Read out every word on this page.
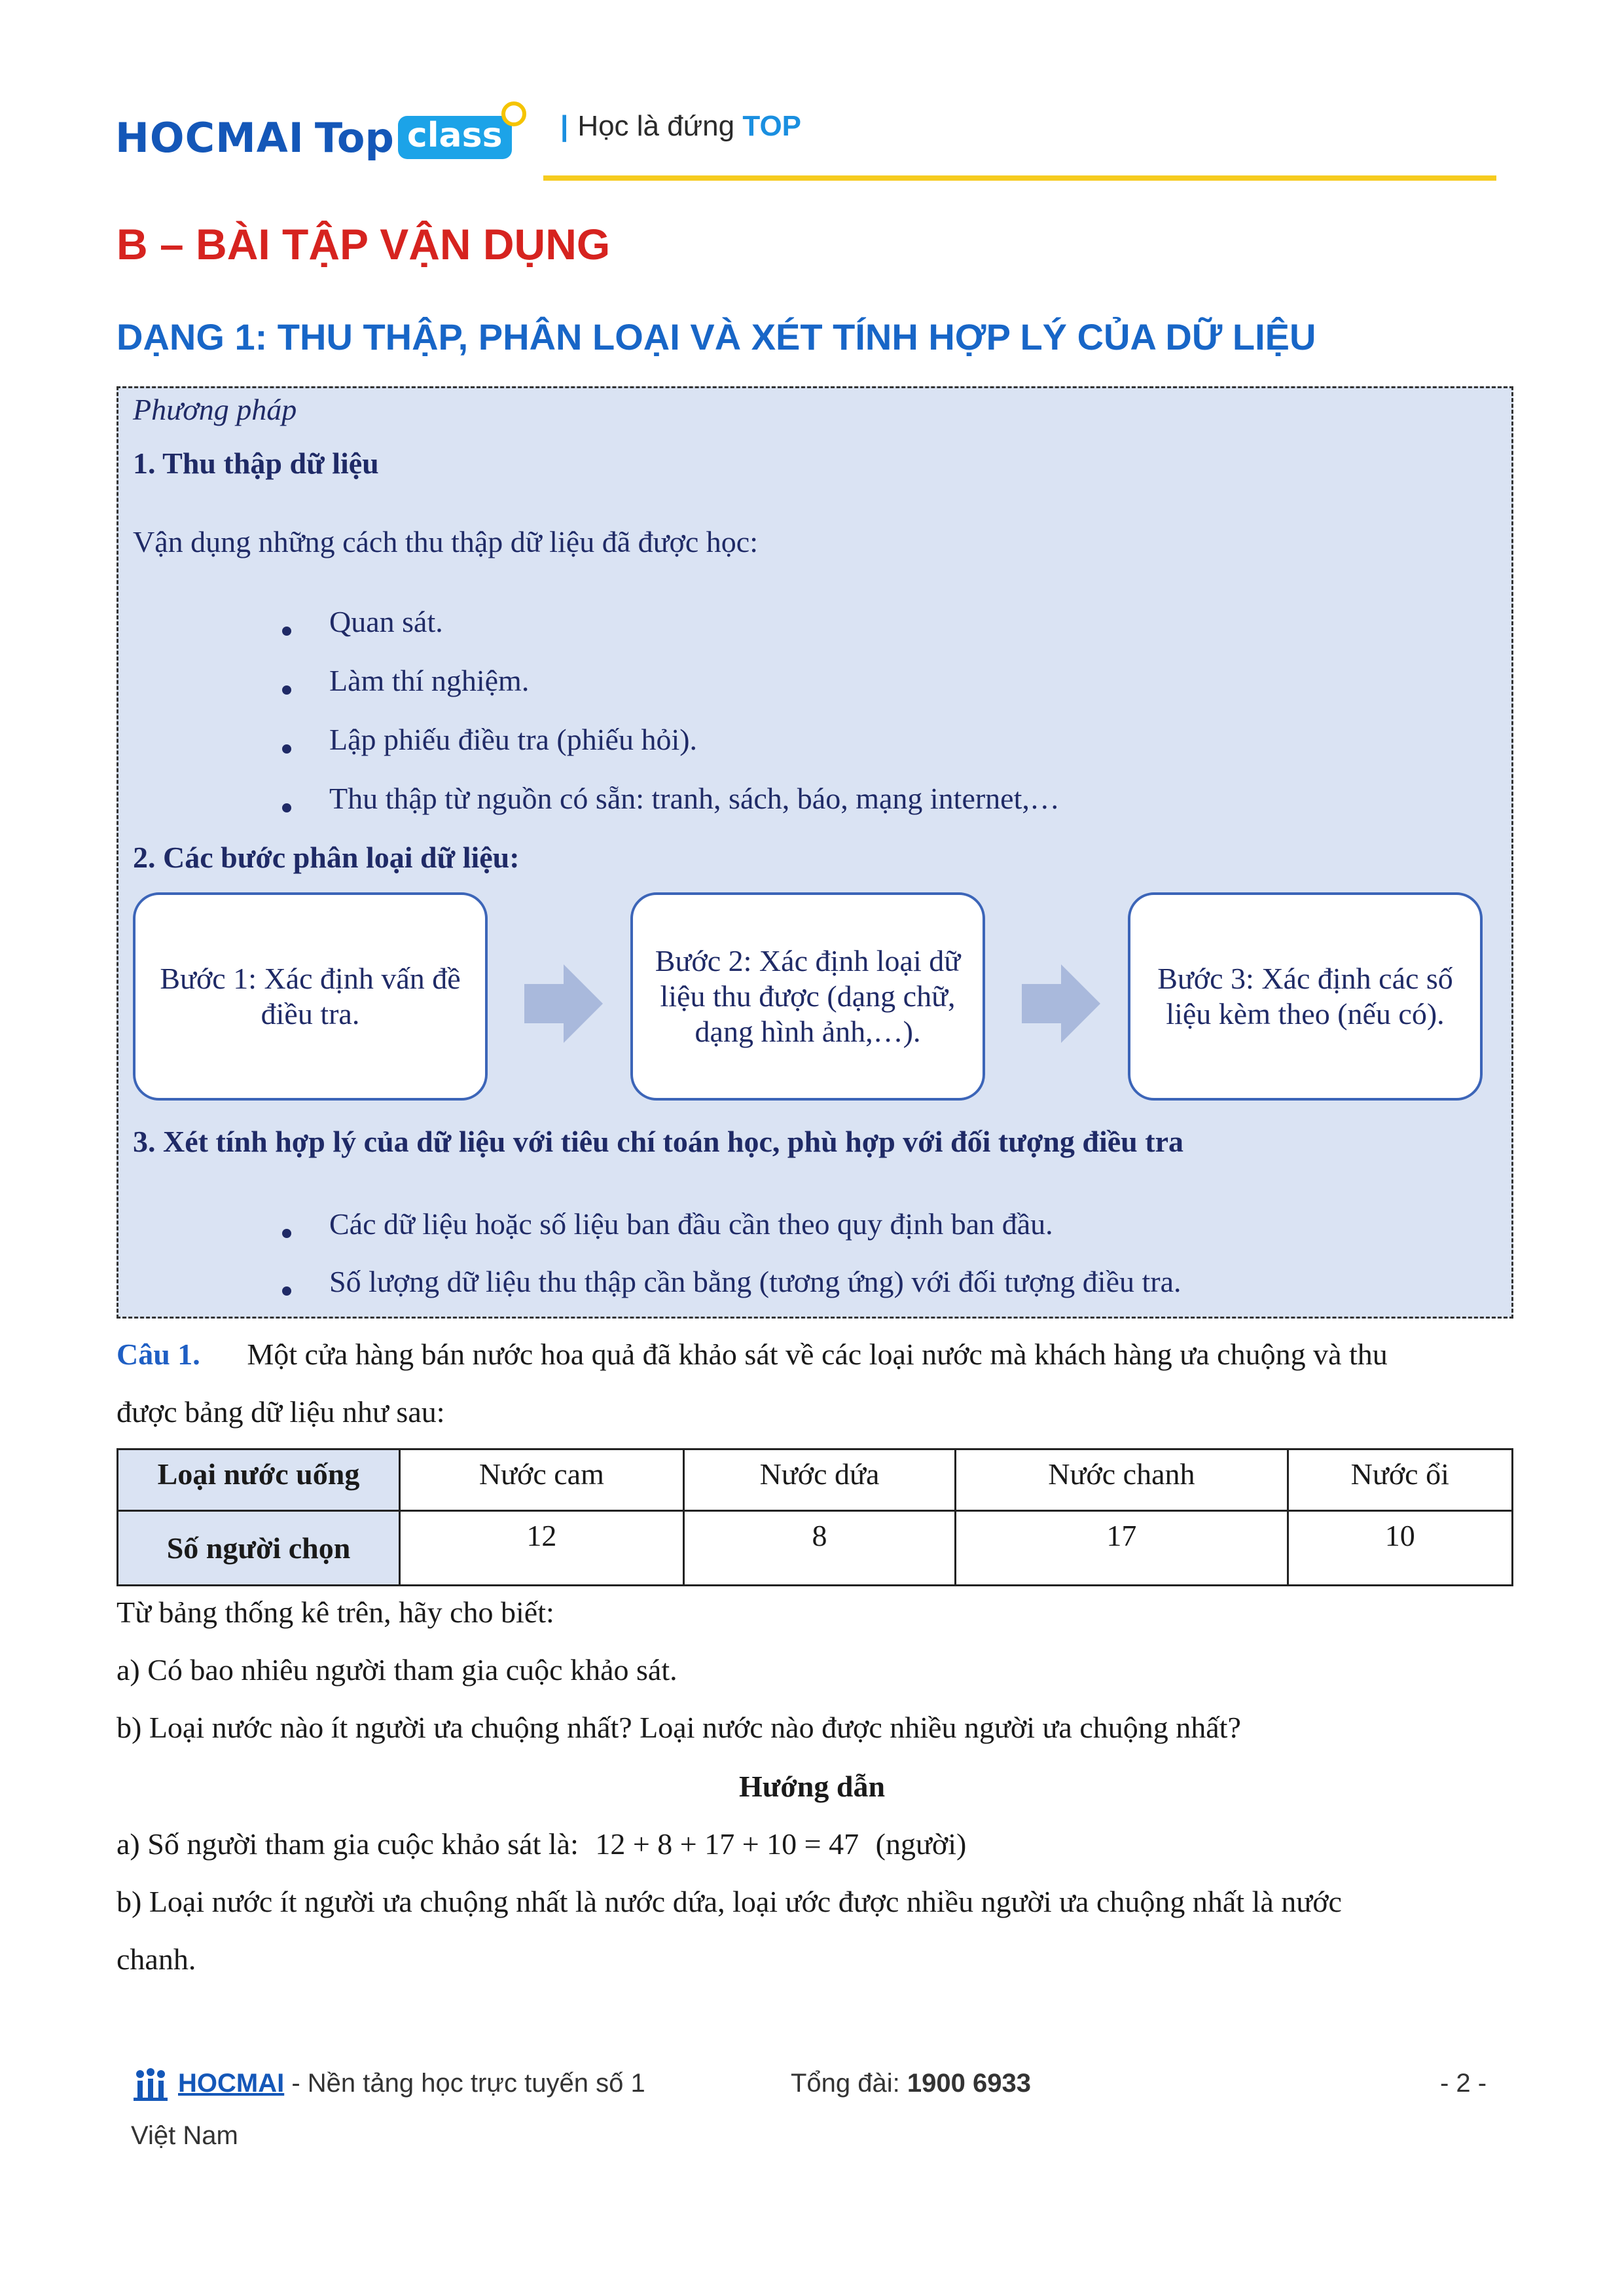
HOCMAI Top class	| Học là đứng TOP
B – BÀI TẬP VẬN DỤNG
DẠNG 1: THU THẬP, PHÂN LOẠI VÀ XÉT TÍNH HỢP LÝ CỦA DỮ LIỆU
Phương pháp
1. Thu thập dữ liệu
Vận dụng những cách thu thập dữ liệu đã được học:
Quan sát.
Làm thí nghiệm.
Lập phiếu điều tra (phiếu hỏi).
Thu thập từ nguồn có sẵn: tranh, sách, báo, mạng internet,…
2. Các bước phân loại dữ liệu:
Bước 1: Xác định vấn đề điều tra.
Bước 2: Xác định loại dữ liệu thu được (dạng chữ, dạng hình ảnh,…).
Bước 3: Xác định các số liệu kèm theo (nếu có).
3. Xét tính hợp lý của dữ liệu với tiêu chí toán học, phù hợp với đối tượng điều tra
Các dữ liệu hoặc số liệu ban đầu cần theo quy định ban đầu.
Số lượng dữ liệu thu thập cần bằng (tương ứng) với đối tượng điều tra.
Câu 1. Một cửa hàng bán nước hoa quả đã khảo sát về các loại nước mà khách hàng ưa chuộng và thu
được bảng dữ liệu như sau:
Loại nước uống	Nước cam	Nước dứa	Nước chanh	Nước ổi
Số người chọn	12	8	17	10
Từ bảng thống kê trên, hãy cho biết:
a) Có bao nhiêu người tham gia cuộc khảo sát.
b) Loại nước nào ít người ưa chuộng nhất? Loại nước nào được nhiều người ưa chuộng nhất?
Hướng dẫn
a) Số người tham gia cuộc khảo sát là: 12 + 8 + 17 + 10 = 47 (người)
b) Loại nước ít người ưa chuộng nhất là nước dứa, loại ước được nhiều người ưa chuộng nhất là nước
chanh.
HOCMAI - Nền tảng học trực tuyến số 1	Tổng đài: 1900 6933	- 2 -
Việt Nam
